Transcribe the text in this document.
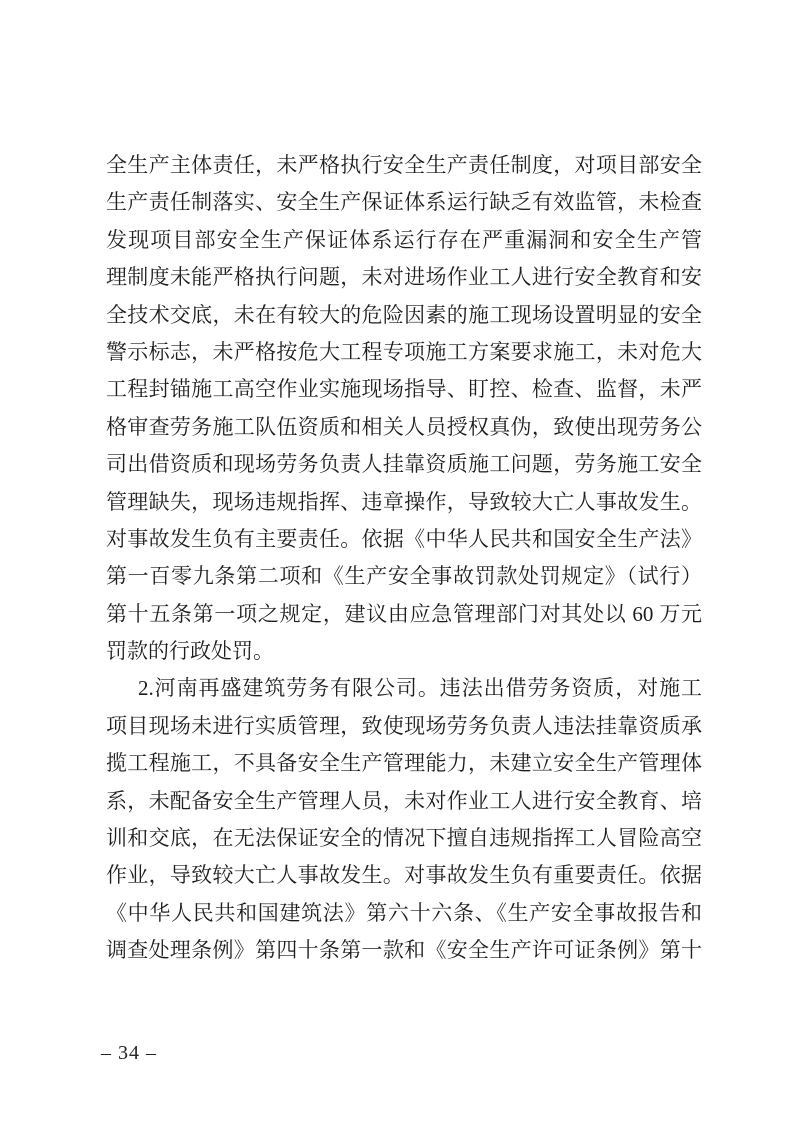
全生产主体责任，未严格执行安全生产责任制度，对项目部安全
生产责任制落实、安全生产保证体系运行缺乏有效监管，未检查
发现项目部安全生产保证体系运行存在严重漏洞和安全生产管
理制度未能严格执行问题，未对进场作业工人进行安全教育和安
全技术交底，未在有较大的危险因素的施工现场设置明显的安全
警示标志，未严格按危大工程专项施工方案要求施工，未对危大
工程封锚施工高空作业实施现场指导、盯控、检查、监督，未严
格审查劳务施工队伍资质和相关人员授权真伪，致使出现劳务公
司出借资质和现场劳务负责人挂靠资质施工问题，劳务施工安全
管理缺失，现场违规指挥、违章操作，导致较大亡人事故发生。
对事故发生负有主要责任。依据《中华人民共和国安全生产法》
第一百零九条第二项和《生产安全事故罚款处罚规定》（试行）
第十五条第一项之规定，建议由应急管理部门对其处以 60 万元
罚款的行政处罚。
2.河南再盛建筑劳务有限公司。违法出借劳务资质，对施工
项目现场未进行实质管理，致使现场劳务负责人违法挂靠资质承
揽工程施工，不具备安全生产管理能力，未建立安全生产管理体
系，未配备安全生产管理人员，未对作业工人进行安全教育、培
训和交底，在无法保证安全的情况下擅自违规指挥工人冒险高空
作业，导致较大亡人事故发生。对事故发生负有重要责任。依据
《中华人民共和国建筑法》第六十六条、《生产安全事故报告和
调查处理条例》第四十条第一款和《安全生产许可证条例》第十
– 34 –
